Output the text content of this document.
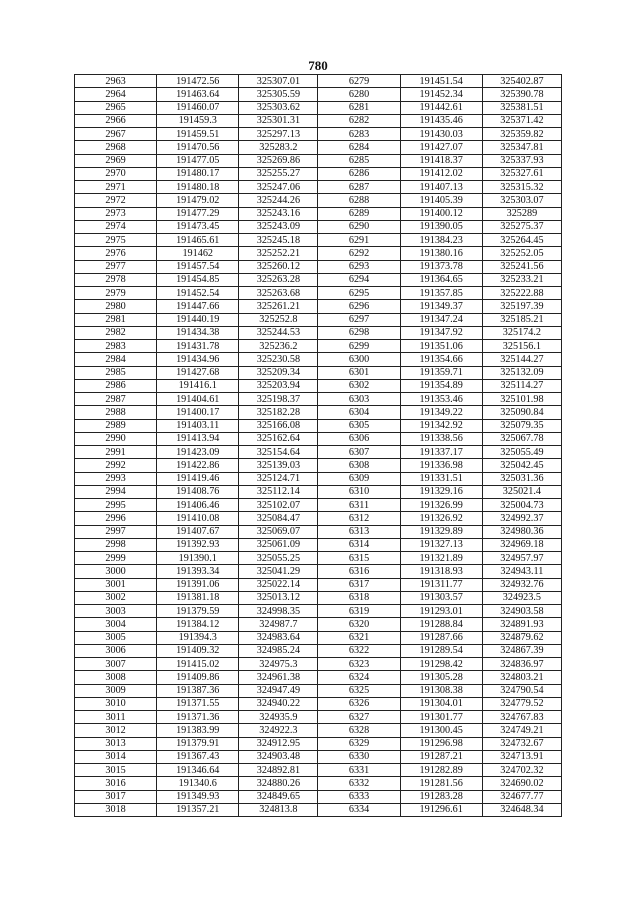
780
2963	191472.56	325307.01	6279	191451.54	325402.87
2964	191463.64	325305.59	6280	191452.34	325390.78
2965	191460.07	325303.62	6281	191442.61	325381.51
2966	191459.3	325301.31	6282	191435.46	325371.42
2967	191459.51	325297.13	6283	191430.03	325359.82
2968	191470.56	325283.2	6284	191427.07	325347.81
2969	191477.05	325269.86	6285	191418.37	325337.93
2970	191480.17	325255.27	6286	191412.02	325327.61
2971	191480.18	325247.06	6287	191407.13	325315.32
2972	191479.02	325244.26	6288	191405.39	325303.07
2973	191477.29	325243.16	6289	191400.12	325289
2974	191473.45	325243.09	6290	191390.05	325275.37
2975	191465.61	325245.18	6291	191384.23	325264.45
2976	191462	325252.21	6292	191380.16	325252.05
2977	191457.54	325260.12	6293	191373.78	325241.56
2978	191454.85	325263.28	6294	191364.65	325233.21
2979	191452.54	325263.68	6295	191357.85	325222.88
2980	191447.66	325261.21	6296	191349.37	325197.39
2981	191440.19	325252.8	6297	191347.24	325185.21
2982	191434.38	325244.53	6298	191347.92	325174.2
2983	191431.78	325236.2	6299	191351.06	325156.1
2984	191434.96	325230.58	6300	191354.66	325144.27
2985	191427.68	325209.34	6301	191359.71	325132.09
2986	191416.1	325203.94	6302	191354.89	325114.27
2987	191404.61	325198.37	6303	191353.46	325101.98
2988	191400.17	325182.28	6304	191349.22	325090.84
2989	191403.11	325166.08	6305	191342.92	325079.35
2990	191413.94	325162.64	6306	191338.56	325067.78
2991	191423.09	325154.64	6307	191337.17	325055.49
2992	191422.86	325139.03	6308	191336.98	325042.45
2993	191419.46	325124.71	6309	191331.51	325031.36
2994	191408.76	325112.14	6310	191329.16	325021.4
2995	191406.46	325102.07	6311	191326.99	325004.73
2996	191410.08	325084.47	6312	191326.92	324992.37
2997	191407.67	325069.07	6313	191329.89	324980.36
2998	191392.93	325061.09	6314	191327.13	324969.18
2999	191390.1	325055.25	6315	191321.89	324957.97
3000	191393.34	325041.29	6316	191318.93	324943.11
3001	191391.06	325022.14	6317	191311.77	324932.76
3002	191381.18	325013.12	6318	191303.57	324923.5
3003	191379.59	324998.35	6319	191293.01	324903.58
3004	191384.12	324987.7	6320	191288.84	324891.93
3005	191394.3	324983.64	6321	191287.66	324879.62
3006	191409.32	324985.24	6322	191289.54	324867.39
3007	191415.02	324975.3	6323	191298.42	324836.97
3008	191409.86	324961.38	6324	191305.28	324803.21
3009	191387.36	324947.49	6325	191308.38	324790.54
3010	191371.55	324940.22	6326	191304.01	324779.52
3011	191371.36	324935.9	6327	191301.77	324767.83
3012	191383.99	324922.3	6328	191300.45	324749.21
3013	191379.91	324912.95	6329	191296.98	324732.67
3014	191367.43	324903.48	6330	191287.21	324713.91
3015	191346.64	324892.81	6331	191282.89	324702.32
3016	191340.6	324880.26	6332	191281.56	324690.02
3017	191349.93	324849.65	6333	191283.28	324677.77
3018	191357.21	324813.8	6334	191296.61	324648.34
